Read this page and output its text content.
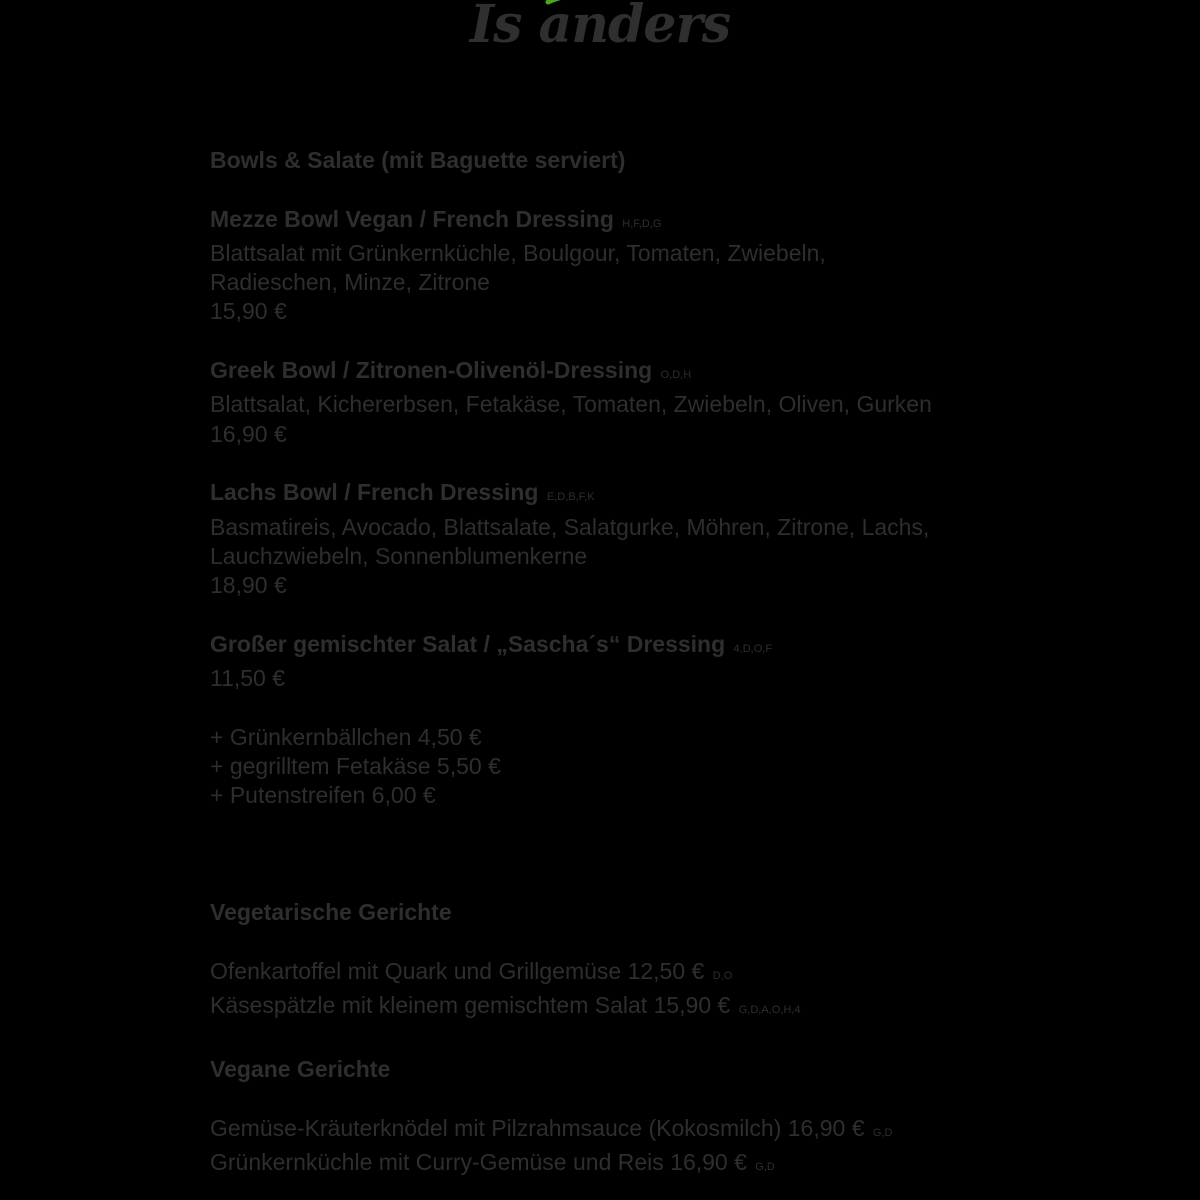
Is anders
Bowls & Salate (mit Baguette serviert)
Mezze Bowl Vegan / French Dressing H,F,D,G
Blattsalat mit Grünkernküchle, Boulgour, Tomaten, Zwiebeln,
Radieschen, Minze, Zitrone
15,90 €
Greek Bowl / Zitronen-Olivenöl-Dressing O,D,H
Blattsalat, Kichererbsen, Fetakäse, Tomaten, Zwiebeln, Oliven, Gurken
16,90 €
Lachs Bowl / French Dressing E,D,B,F,K
Basmatireis, Avocado, Blattsalate, Salatgurke, Möhren, Zitrone, Lachs,
Lauchzwiebeln, Sonnenblumenkerne
18,90 €
Großer gemischter Salat / „Sascha´s“ Dressing 4,D,O,F
11,50 €
+ Grünkernbällchen 4,50 €
+ gegrilltem Fetakäse 5,50 €
+ Putenstreifen 6,00 €
Vegetarische Gerichte
Ofenkartoffel mit Quark und Grillgemüse 12,50 € D,O
Käsespätzle mit kleinem gemischtem Salat 15,90 € G,D,A,O,H,4
Vegane Gerichte
Gemüse-Kräuterknödel mit Pilzrahmsauce (Kokosmilch) 16,90 € G,D
Grünkernküchle mit Curry-Gemüse und Reis 16,90 € G,D
